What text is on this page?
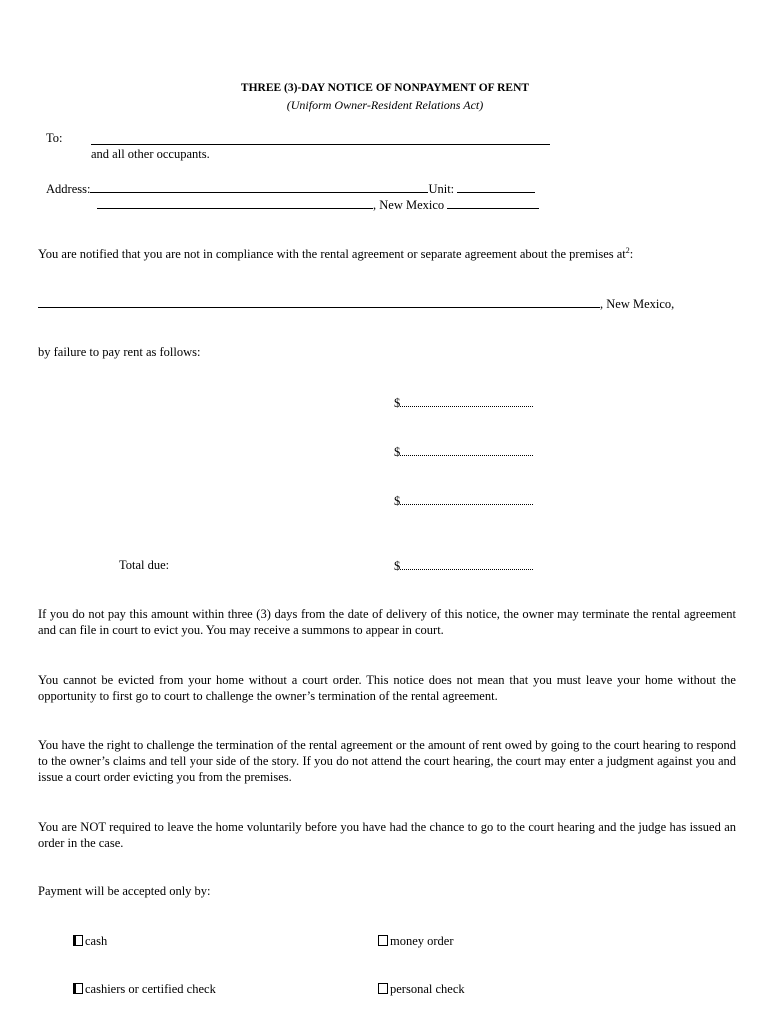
THREE (3)-DAY NOTICE OF NONPAYMENT OF RENT
(Uniform Owner-Resident Relations Act)
To:
and all other occupants.
Address:	Unit:
, New Mexico
You are notified that you are not in compliance with the rental agreement or separate agreement about the premises $at^2$:
, New Mexico,
by failure to pay rent as follows:
$
$
$
Total due:	$
If you do not pay this amount within three (3) days from the date of delivery of this notice, the owner may terminate the rental agreement and can file in court to evict you. You may receive a summons to appear in court.
You cannot be evicted from your home without a court order. This notice does not mean that you must leave your home without the opportunity to first go to court to challenge the owner’s termination of the rental agreement.
You have the right to challenge the termination of the rental agreement or the amount of rent owed by going to the court hearing to respond to the owner’s claims and tell your side of the story. If you do not attend the court hearing, the court may enter a judgment against you and issue a court order evicting you from the premises.
You are NOT required to leave the home voluntarily before you have had the chance to go to the court hearing and the judge has issued an order in the case.
Payment will be accepted only by:
cash	money order
cashiers or certified check	personal check
